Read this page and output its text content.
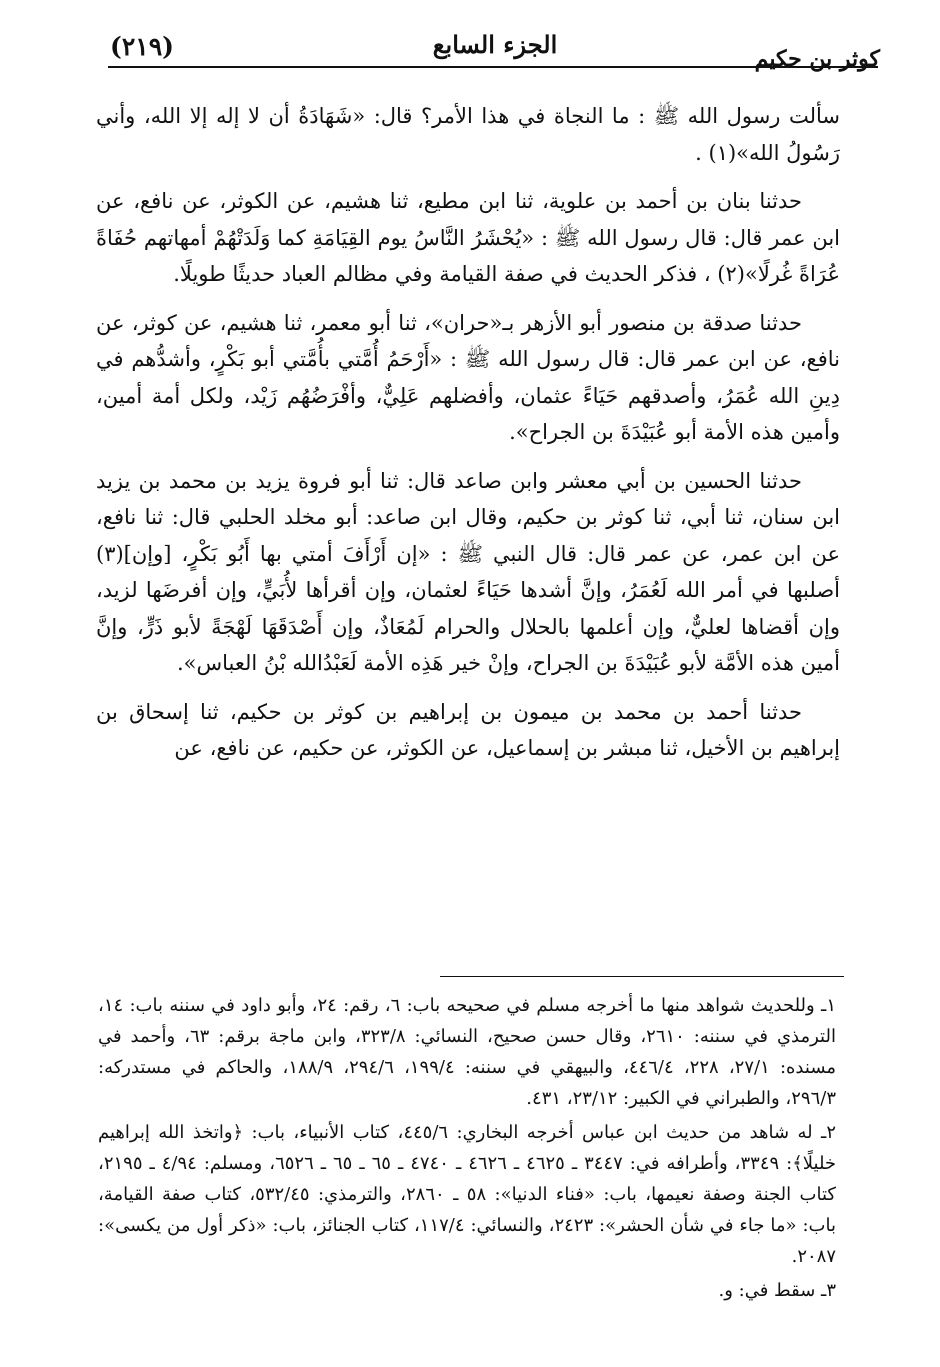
(٢١٩)	الجزء السابع	كوثر بن حكيم

سألت رسول الله ﷺ : ما النجاة في هذا الأمر؟ قال: «شَهَادَةُ أن لا إله إلا الله، وأني رَسُولُ الله»(١) .

حدثنا بنان بن أحمد بن علوية، ثنا ابن مطيع، ثنا هشيم، عن الكوثر، عن نافع، عن ابن عمر قال: قال رسول الله ﷺ : «يُحْشَرُ النَّاسُ يوم القِيَامَةِ كما وَلَدَتْهُمْ أمهاتهم حُفَاةً عُرَاةً غُرلًا»(٢) ، فذكر الحديث في صفة القيامة وفي مظالم العباد حديثًا طويلًا.

حدثنا صدقة بن منصور أبو الأزهر بـ«حران»، ثنا أبو معمر، ثنا هشيم، عن كوثر، عن نافع، عن ابن عمر قال: قال رسول الله ﷺ : «أَرْحَمُ أُمَّتي بأُمَّتي أبو بَكْرٍ، وأشدُّهم في دِينِ الله عُمَرُ، وأصدقهم حَيَاءً عثمان، وأفضلهم عَلِيٌّ، وأفْرَضُهُم زَيْد، ولكل أمة أمين، وأمين هذه الأمة أبو عُبَيْدَةَ بن الجراح».

حدثنا الحسين بن أبي معشر وابن صاعد قال: ثنا أبو فروة يزيد بن محمد بن يزيد ابن سنان، ثنا أبي، ثنا كوثر بن حكيم، وقال ابن صاعد: أبو مخلد الحلبي قال: ثنا نافع، عن ابن عمر، عن عمر قال: قال النبي ﷺ : «إن أَرْأَفَ أمتي بها أَبُو بَكْرٍ، [وإن](٣) أصلبها في أمر الله لَعُمَرُ، وإنَّ أشدها حَيَاءً لعثمان، وإن أقرأها لأُبَيٍّ، وإن أفرضَها لزيد، وإن أقضاها لعليٌّ، وإن أعلمها بالحلال والحرام لَمُعَاذٌ، وإن أَصْدَقَهَا لَهْجَةً لأبو ذَرٍّ، وإنَّ أمين هذه الأمَّة لأبو عُبَيْدَةَ بن الجراح، وإنْ خير هَذِه الأمة لَعَبْدُالله بْنُ العباس».

حدثنا أحمد بن محمد بن ميمون بن إبراهيم بن كوثر بن حكيم، ثنا إسحاق بن إبراهيم بن الأخيل، ثنا مبشر بن إسماعيل، عن الكوثر، عن حكيم، عن نافع، عن

١ـ وللحديث شواهد منها ما أخرجه مسلم في صحيحه باب: ٦، رقم: ٢٤، وأبو داود في سننه باب: ١٤، الترمذي في سننه: ٢٦١٠، وقال حسن صحيح، النسائي: ٣٢٣/٨، وابن ماجة برقم: ٦٣، وأحمد في مسنده: ٢٧/١، ٢٢٨، ٤٤٦/٤، والبيهقي في سننه: ١٩٩/٤، ٢٩٤/٦، ١٨٨/٩، والحاكم في مستدركه: ٢٩٦/٣، والطبراني في الكبير: ٢٣/١٢، ٤٣١.

٢ـ له شاهد من حديث ابن عباس أخرجه البخاري: ٤٤٥/٦، كتاب الأنبياء، باب: ﴿واتخذ الله إبراهيم خليلًا﴾: ٣٣٤٩، وأطرافه في: ٣٤٤٧ ـ ٤٦٢٥ ـ ٤٦٢٦ ـ ٤٧٤٠ ـ ٦٥ ـ ٦٥ ـ ٦٥٢٦، ومسلم: ٤/٩٤ ـ ٢١٩٥، كتاب الجنة وصفة نعيمها، باب: «فناء الدنيا»: ٥٨ ـ ٢٨٦٠، والترمذي: ٥٣٢/٤٥، كتاب صفة القيامة، باب: «ما جاء في شأن الحشر»: ٢٤٢٣، والنسائي: ١١٧/٤، كتاب الجنائز، باب: «ذكر أول من يكسى»: ٢٠٨٧.

٣ـ سقط في: و.
